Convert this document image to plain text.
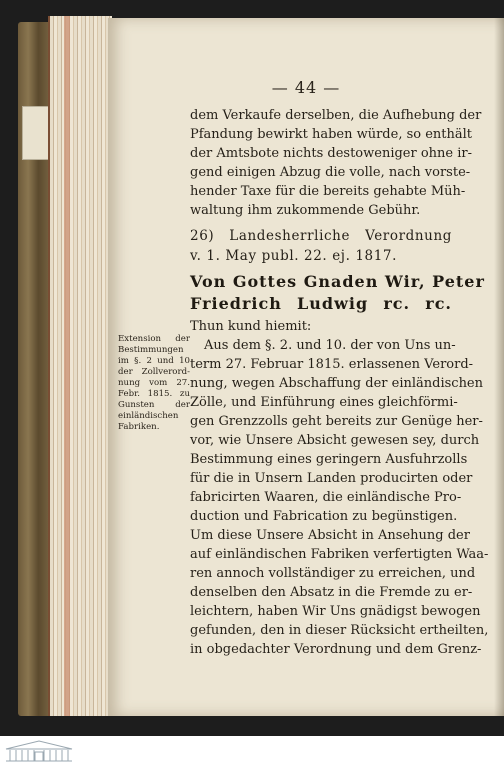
— 44 —
dem Verkaufe derselben, die Aufhebung der
Pfandung bewirkt haben würde, so enthält
der Amtsbote nichts destoweniger ohne ir-
gend einigen Abzug die volle, nach vorste-
hender Taxe für die bereits gehabte Müh-
waltung ihm zukommende Gebühr.
26) Landesherrliche Verordnung
v. 1. May publ. 22. ej. 1817.
Von Gottes Gnaden Wir, Peter
Friedrich Ludwig rc. rc.
Thun kund hiemit:
Extension der
Bestimmungen
im §. 2 und 10
der Zollverord-
nung vom 27.
Febr. 1815. zu
Gunsten der
einländischen
Fabriken.
Aus dem §. 2. und 10. der von Uns un-
term 27. Februar 1815. erlassenen Verord-
nung, wegen Abschaffung der einländischen
Zölle, und Einführung eines gleichförmi-
gen Grenzzolls geht bereits zur Genüge her-
vor, wie Unsere Absicht gewesen sey, durch
Bestimmung eines geringern Ausfuhrzolls
für die in Unsern Landen producirten oder
fabricirten Waaren, die einländische Pro-
duction und Fabrication zu begünstigen.
Um diese Unsere Absicht in Ansehung der
auf einländischen Fabriken verfertigten Waa-
ren annoch vollständiger zu erreichen, und
denselben den Absatz in die Fremde zu er-
leichtern, haben Wir Uns gnädigst bewogen
gefunden, den in dieser Rücksicht ertheilten,
in obgedachter Verordnung und dem Grenz-
